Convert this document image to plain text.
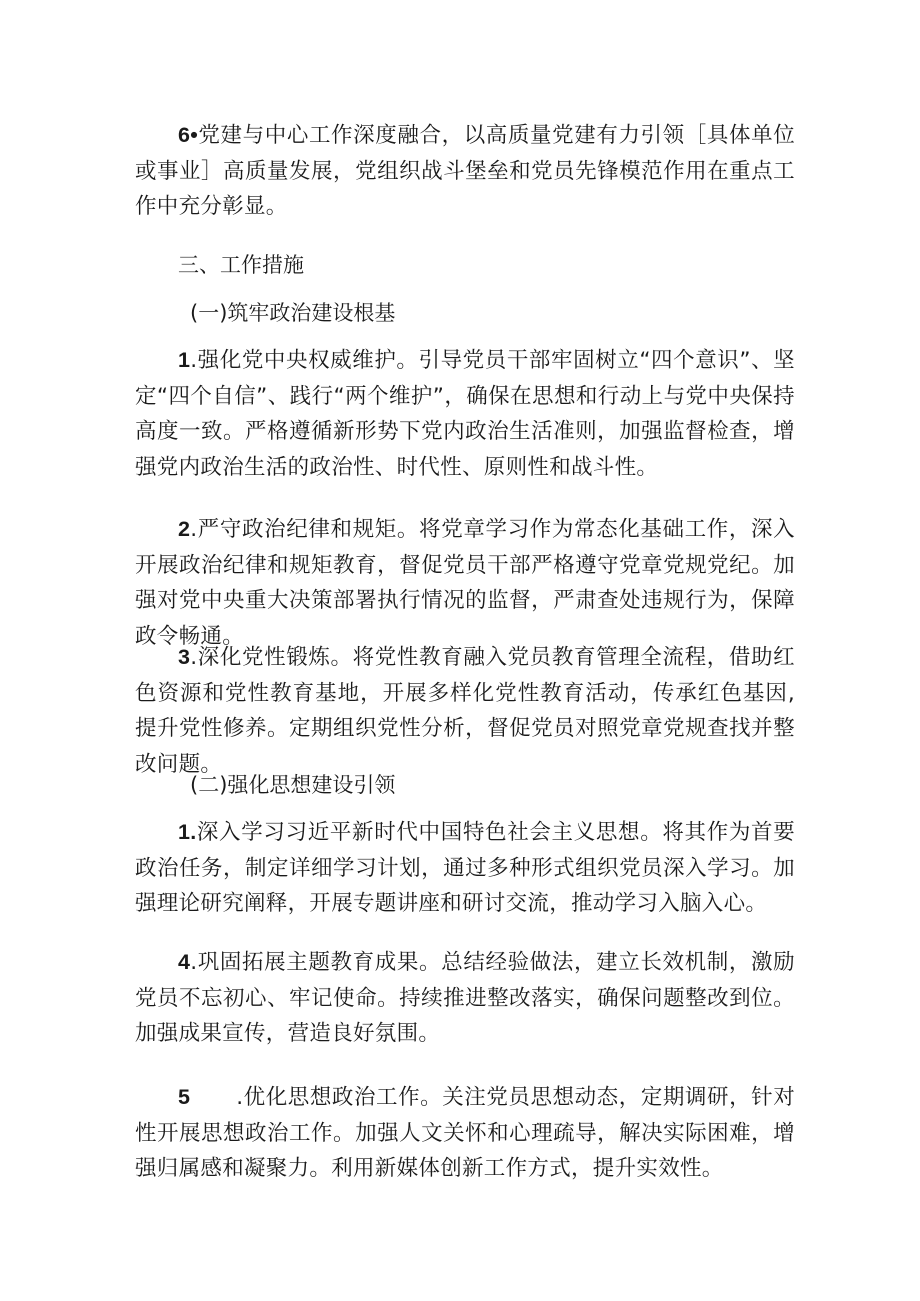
6•党建与中心工作深度融合，以高质量党建有力引领［具体单位或事业］高质量发展，党组织战斗堡垒和党员先锋模范作用在重点工作中充分彰显。

三、工作措施

(一)筑牢政治建设根基

1.强化党中央权威维护。引导党员干部牢固树立“四个意识”、坚定“四个自信”、践行“两个维护”，确保在思想和行动上与党中央保持高度一致。严格遵循新形势下党内政治生活准则，加强监督检查，增强党内政治生活的政治性、时代性、原则性和战斗性。

2.严守政治纪律和规矩。将党章学习作为常态化基础工作，深入开展政治纪律和规矩教育，督促党员干部严格遵守党章党规党纪。加强对党中央重大决策部署执行情况的监督，严肃查处违规行为，保障政令畅通。

3.深化党性锻炼。将党性教育融入党员教育管理全流程，借助红色资源和党性教育基地，开展多样化党性教育活动，传承红色基因,提升党性修养。定期组织党性分析，督促党员对照党章党规查找并整改问题。

(二)强化思想建设引领

1.深入学习习近平新时代中国特色社会主义思想。将其作为首要政治任务，制定详细学习计划，通过多种形式组织党员深入学习。加强理论研究阐释，开展专题讲座和研讨交流，推动学习入脑入心。

4.巩固拓展主题教育成果。总结经验做法，建立长效机制，激励党员不忘初心、牢记使命。持续推进整改落实，确保问题整改到位。加强成果宣传，营造良好氛围。

5 .优化思想政治工作。关注党员思想动态，定期调研，针对性开展思想政治工作。加强人文关怀和心理疏导，解决实际困难，增强归属感和凝聚力。利用新媒体创新工作方式，提升实效性。
